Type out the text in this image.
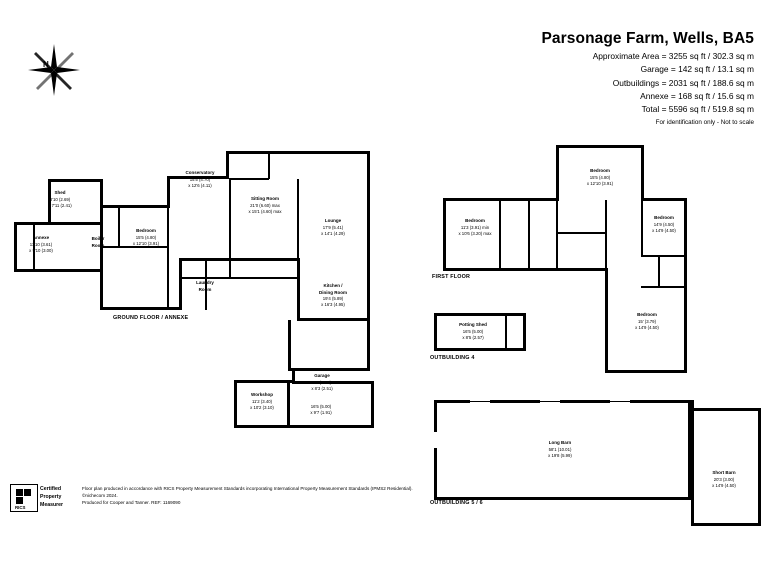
Parsonage Farm, Wells, BA5
Approximate Area = 3255 sq ft / 302.3 sq m
Garage = 142 sq ft / 13.1 sq m
Outbuildings = 2031 sq ft / 188.6 sq m
Annexe = 168 sq ft / 15.6 sq m
Total = 5596 sq ft / 519.8 sq m
For identification only - Not to scale
N
Shed
8'10 (2.69)
x 7'11 (2.41)
Annexe
11'10 (3.61)
x 9'10 (3.00)
Boiler
Room
Bedroom
15'5 (4.80)
x 12'10 (3.91)
Conservatory
15'5 (4.70)
x 12'6 (4.11)
Sitting Room
21'0 (6.60) max
x 15'1 (4.60) max
Lounge
17'9 (5.41)
x 14'1 (4.29)
Laundry
Room
Kitchen /
Dining Room
19'4 (5.89)
x 16'3 (4.95)
Garage
19' (5.79)
x 8'3 (2.51)
Workshop
11'2 (3.40)
x 10'2 (3.10)	16'5 (5.00)
x 9'7 (1.91)
GROUND FLOOR / ANNEXE
Bedroom
15'5 (4.80)
x 12'10 (3.91)
Bedroom
11'3 (3.91) min
x 10'6 (3.20) max
Bedroom
14'9 (4.50)
x 14'9 (4.50)
Bedroom
15' (3.79)
x 14'9 (4.50)
FIRST FLOOR
Potting Shed
16'5 (5.00)
x 8'5 (2.57)
OUTBUILDING 4
Long Barn
58'1 (10.01)
x 19'8 (5.99)
Short Barn
20'3 (3.00)
x 14'9 (4.50)
OUTBUILDING 5 / 6
RICS
Certified
Property
Measurer
Floor plan produced in accordance with RICS Property Measurement Standards incorporating International Property Measurement Standards (IPMS2 Residential). ©nichecom 2024.
Produced for Cooper and Tanner. REF: 1169090
